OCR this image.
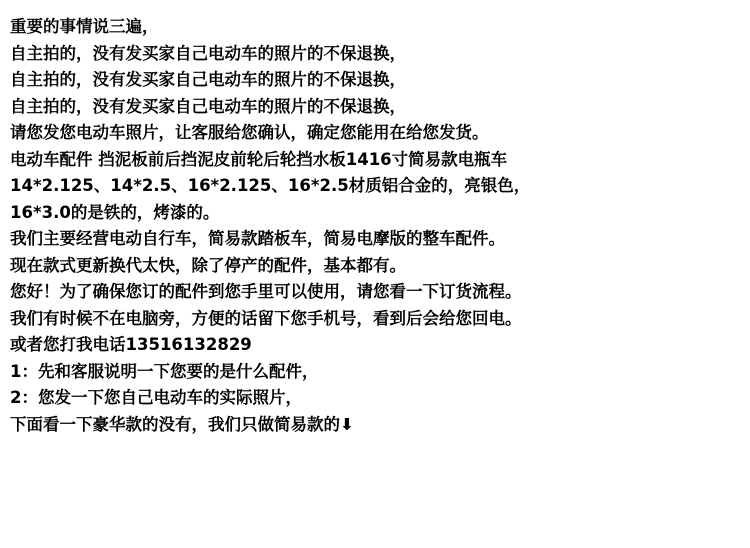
重要的事情说三遍，
自主拍的，没有发买家自己电动车的照片的不保退换，
自主拍的，没有发买家自己电动车的照片的不保退换，
自主拍的，没有发买家自己电动车的照片的不保退换，
请您发您电动车照片，让客服给您确认，确定您能用在给您发货。
电动车配件 挡泥板前后挡泥皮前轮后轮挡水板1416寸简易款电瓶车
14*2.125、14*2.5、16*2.125、16*2.5材质铝合金的，亮银色，
16*3.0的是铁的，烤漆的。
我们主要经营电动自行车，简易款踏板车，简易电摩版的整车配件。
现在款式更新换代太快，除了停产的配件，基本都有。
您好！为了确保您订的配件到您手里可以使用，请您看一下订货流程。
我们有时候不在电脑旁，方便的话留下您手机号，看到后会给您回电。
或者您打我电话13516132829
1：先和客服说明一下您要的是什么配件，
2：您发一下您自己电动车的实际照片，
下面看一下豪华款的没有，我们只做简易款的⬇
